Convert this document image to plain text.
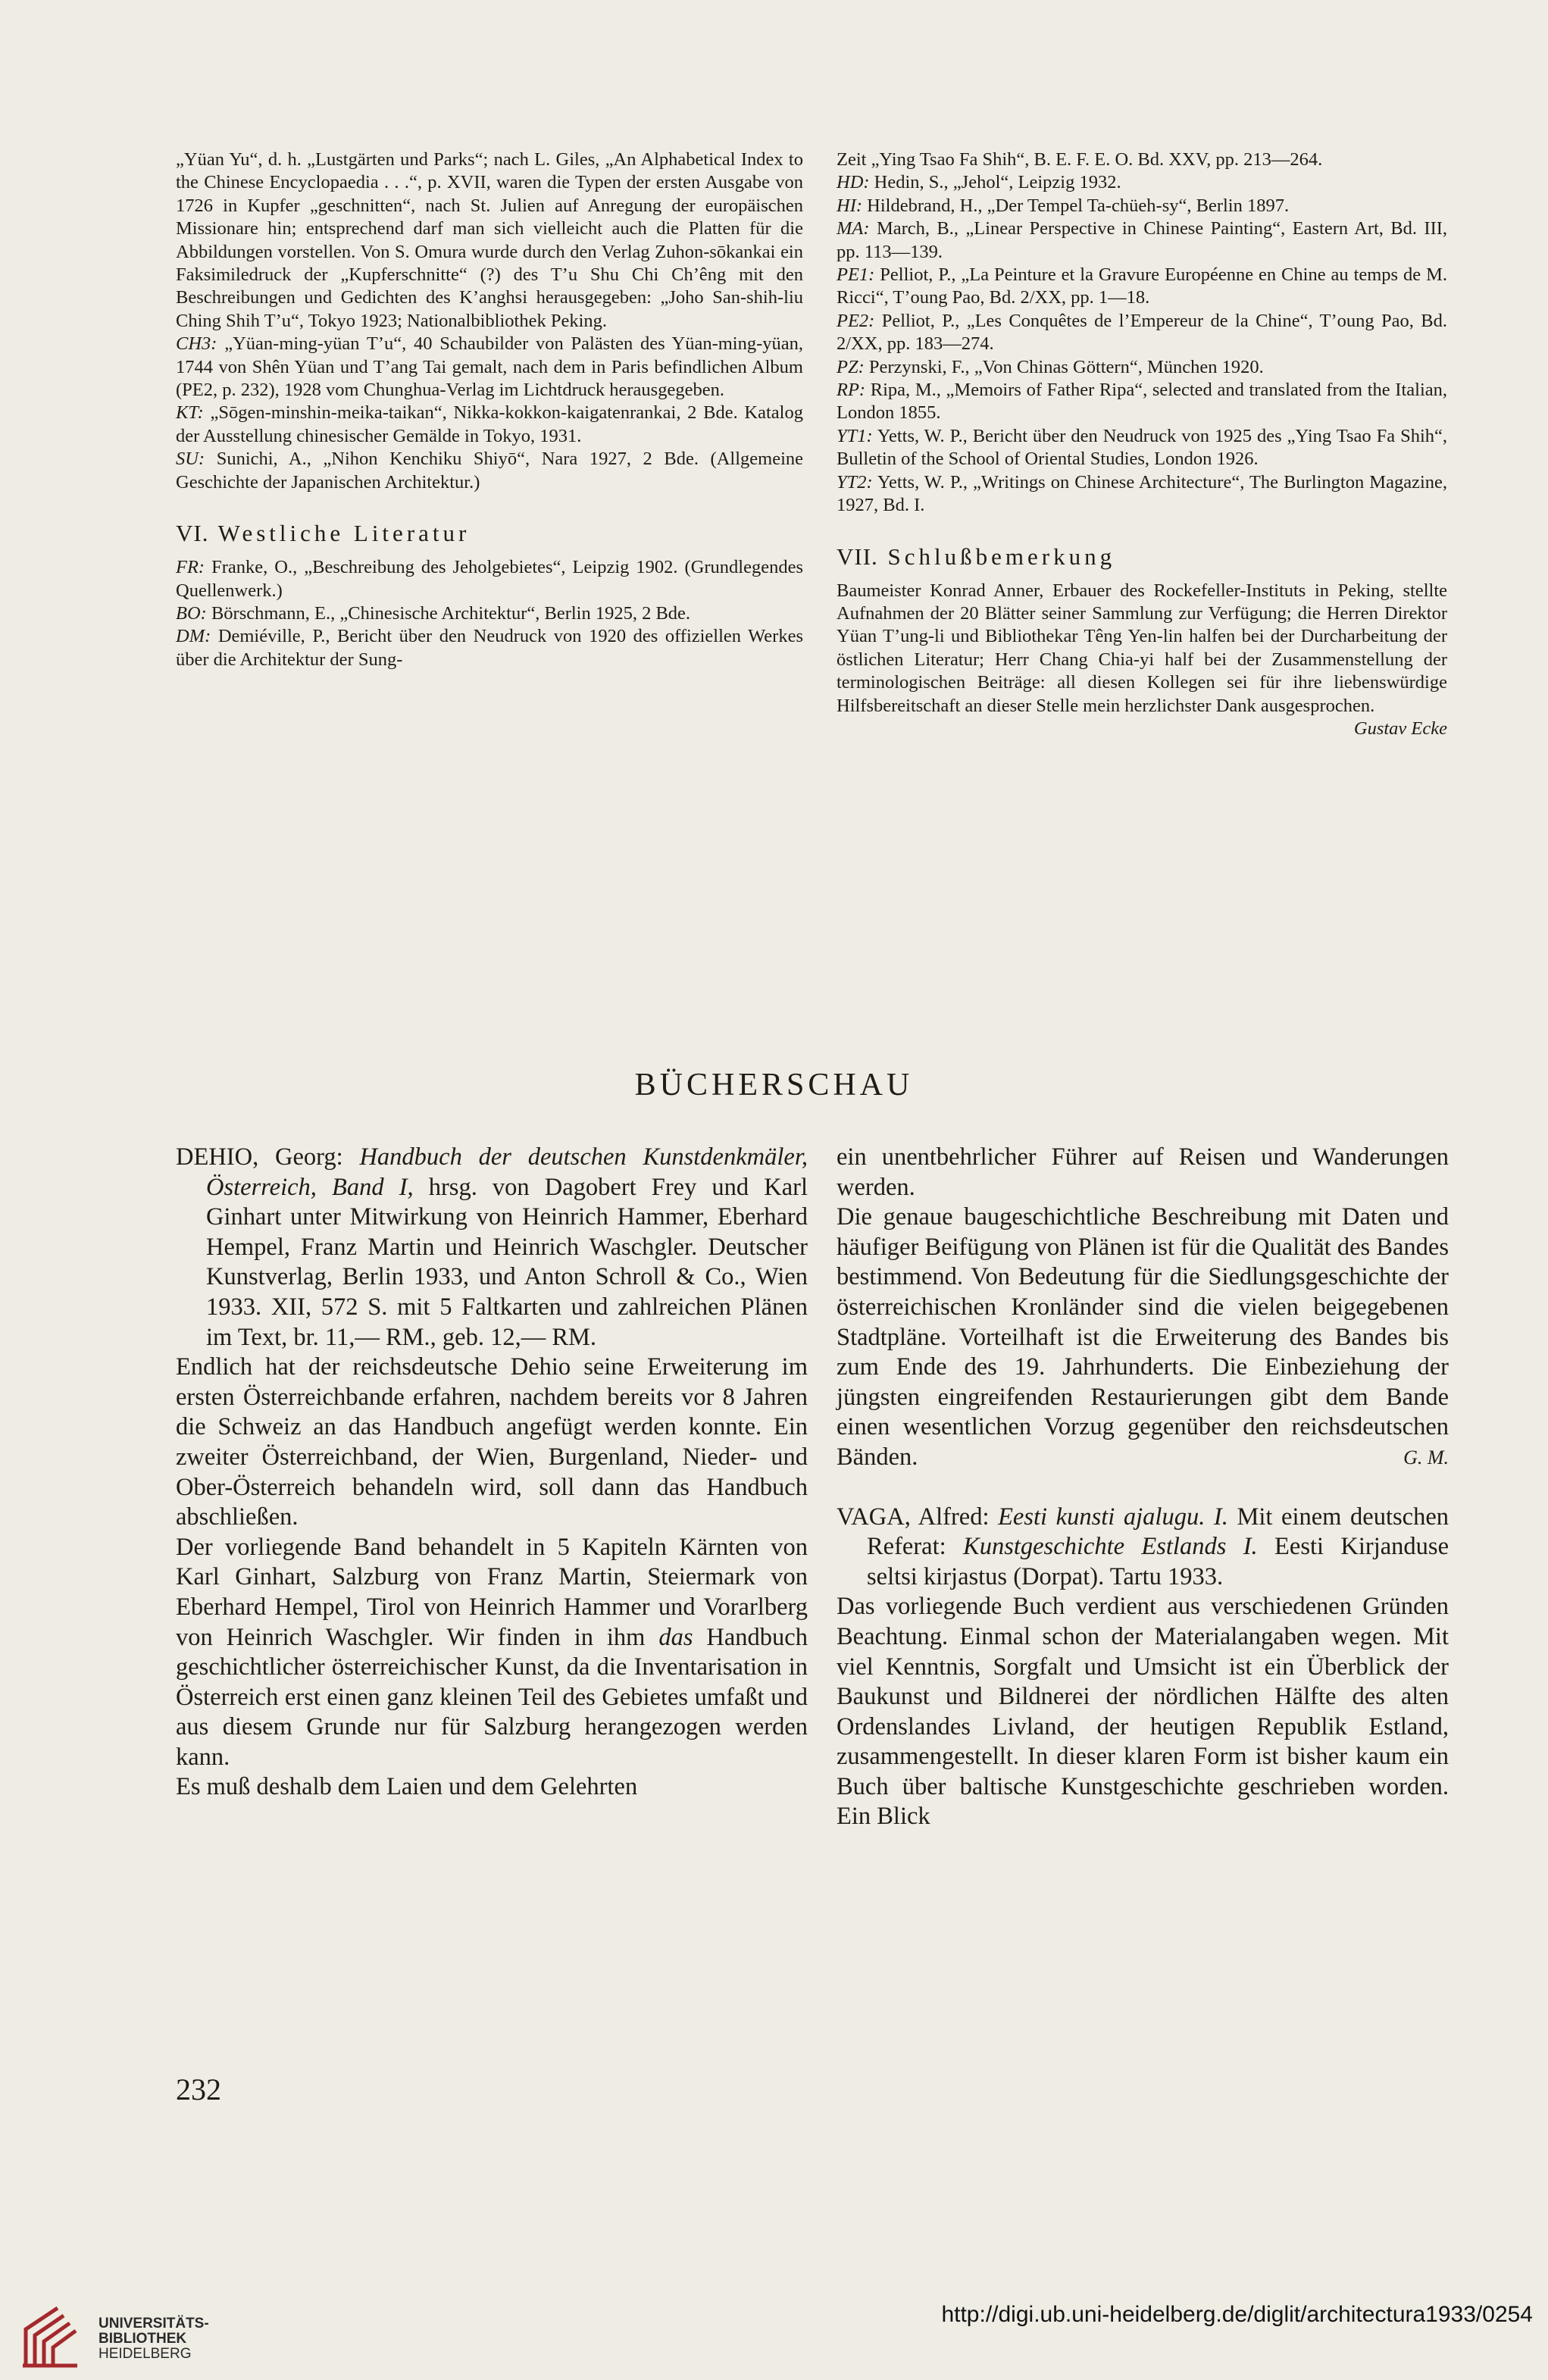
„Yüan Yu“, d. h. „Lustgärten und Parks“; nach L. Giles, „An Alphabetical Index to the Chinese Encyclopaedia . . .“, p. XVII, waren die Typen der ersten Ausgabe von 1726 in Kupfer „geschnitten“, nach St. Julien auf Anregung der europäischen Missionare hin; entsprechend darf man sich vielleicht auch die Platten für die Abbildungen vorstellen. Von S. Omura wurde durch den Verlag Zuhon-sōkankai ein Faksimiledruck der „Kupferschnitte“ (?) des T’u Shu Chi Ch’êng mit den Beschreibungen und Gedichten des K’anghsi herausgegeben: „Joho San-shih-liu Ching Shih T’u“, Tokyo 1923; Nationalbibliothek Peking.

CH3: „Yüan-ming-yüan T’u“, 40 Schaubilder von Palästen des Yüan-ming-yüan, 1744 von Shên Yüan und T’ang Tai gemalt, nach dem in Paris befindlichen Album (PE2, p. 232), 1928 vom Chunghua-Verlag im Lichtdruck herausgegeben.

KT: „Sōgen-minshin-meika-taikan“, Nikka-kokkon-kaigatenrankai, 2 Bde. Katalog der Ausstellung chinesischer Gemälde in Tokyo, 1931.

SU: Sunichi, A., „Nihon Kenchiku Shiyō“, Nara 1927, 2 Bde. (Allgemeine Geschichte der Japanischen Architektur.)

VI. Westliche Literatur

FR: Franke, O., „Beschreibung des Jeholgebietes“, Leipzig 1902. (Grundlegendes Quellenwerk.)

BO: Börschmann, E., „Chinesische Architektur“, Berlin 1925, 2 Bde.

DM: Demiéville, P., Bericht über den Neudruck von 1920 des offiziellen Werkes über die Architektur der Sung-

Zeit „Ying Tsao Fa Shih“, B. E. F. E. O. Bd. XXV, pp. 213—264.

HD: Hedin, S., „Jehol“, Leipzig 1932.

HI: Hildebrand, H., „Der Tempel Ta-chüeh-sy“, Berlin 1897.

MA: March, B., „Linear Perspective in Chinese Painting“, Eastern Art, Bd. III, pp. 113—139.

PE1: Pelliot, P., „La Peinture et la Gravure Européenne en Chine au temps de M. Ricci“, T’oung Pao, Bd. 2/XX, pp. 1—18.

PE2: Pelliot, P., „Les Conquêtes de l’Empereur de la Chine“, T’oung Pao, Bd. 2/XX, pp. 183—274.

PZ: Perzynski, F., „Von Chinas Göttern“, München 1920.

RP: Ripa, M., „Memoirs of Father Ripa“, selected and translated from the Italian, London 1855.

YT1: Yetts, W. P., Bericht über den Neudruck von 1925 des „Ying Tsao Fa Shih“, Bulletin of the School of Oriental Studies, London 1926.

YT2: Yetts, W. P., „Writings on Chinese Architecture“, The Burlington Magazine, 1927, Bd. I.

VII. Schlußbemerkung

Baumeister Konrad Anner, Erbauer des Rockefeller-Instituts in Peking, stellte Aufnahmen der 20 Blätter seiner Sammlung zur Verfügung; die Herren Direktor Yüan T’ung-li und Bibliothekar Têng Yen-lin halfen bei der Durcharbeitung der östlichen Literatur; Herr Chang Chia-yi half bei der Zusammenstellung der terminologischen Beiträge: all diesen Kollegen sei für ihre liebenswürdige Hilfsbereitschaft an dieser Stelle mein herzlichster Dank ausgesprochen.
Gustav Ecke

BÜCHERSCHAU

DEHIO, Georg: Handbuch der deutschen Kunstdenkmäler, Österreich, Band I, hrsg. von Dagobert Frey und Karl Ginhart unter Mitwirkung von Heinrich Hammer, Eberhard Hempel, Franz Martin und Heinrich Waschgler. Deutscher Kunstverlag, Berlin 1933, und Anton Schroll & Co., Wien 1933. XII, 572 S. mit 5 Faltkarten und zahlreichen Plänen im Text, br. 11,— RM., geb. 12,— RM.

Endlich hat der reichsdeutsche Dehio seine Erweiterung im ersten Österreichbande erfahren, nachdem bereits vor 8 Jahren die Schweiz an das Handbuch angefügt werden konnte. Ein zweiter Österreichband, der Wien, Burgenland, Nieder- und Ober-Österreich behandeln wird, soll dann das Handbuch abschließen.

Der vorliegende Band behandelt in 5 Kapiteln Kärnten von Karl Ginhart, Salzburg von Franz Martin, Steiermark von Eberhard Hempel, Tirol von Heinrich Hammer und Vorarlberg von Heinrich Waschgler. Wir finden in ihm das Handbuch geschichtlicher österreichischer Kunst, da die Inventarisation in Österreich erst einen ganz kleinen Teil des Gebietes umfaßt und aus diesem Grunde nur für Salzburg herangezogen werden kann.

Es muß deshalb dem Laien und dem Gelehrten

ein unentbehrlicher Führer auf Reisen und Wanderungen werden.

Die genaue baugeschichtliche Beschreibung mit Daten und häufiger Beifügung von Plänen ist für die Qualität des Bandes bestimmend. Von Bedeutung für die Siedlungsgeschichte der österreichischen Kronländer sind die vielen beigegebenen Stadtpläne. Vorteilhaft ist die Erweiterung des Bandes bis zum Ende des 19. Jahrhunderts. Die Einbeziehung der jüngsten eingreifenden Restaurierungen gibt dem Bande einen wesentlichen Vorzug gegenüber den reichsdeutschen Bänden.	G. M.

VAGA, Alfred: Eesti kunsti ajalugu. I. Mit einem deutschen Referat: Kunstgeschichte Estlands I. Eesti Kirjanduse seltsi kirjastus (Dorpat). Tartu 1933.

Das vorliegende Buch verdient aus verschiedenen Gründen Beachtung. Einmal schon der Materialangaben wegen. Mit viel Kenntnis, Sorgfalt und Umsicht ist ein Überblick der Baukunst und Bildnerei der nördlichen Hälfte des alten Ordenslandes Livland, der heutigen Republik Estland, zusammengestellt. In dieser klaren Form ist bisher kaum ein Buch über baltische Kunstgeschichte geschrieben worden. Ein Blick

232
UNIVERSITÄTS-
BIBLIOTHEK
HEIDELBERG
http://digi.ub.uni-heidelberg.de/diglit/architectura1933/0254
